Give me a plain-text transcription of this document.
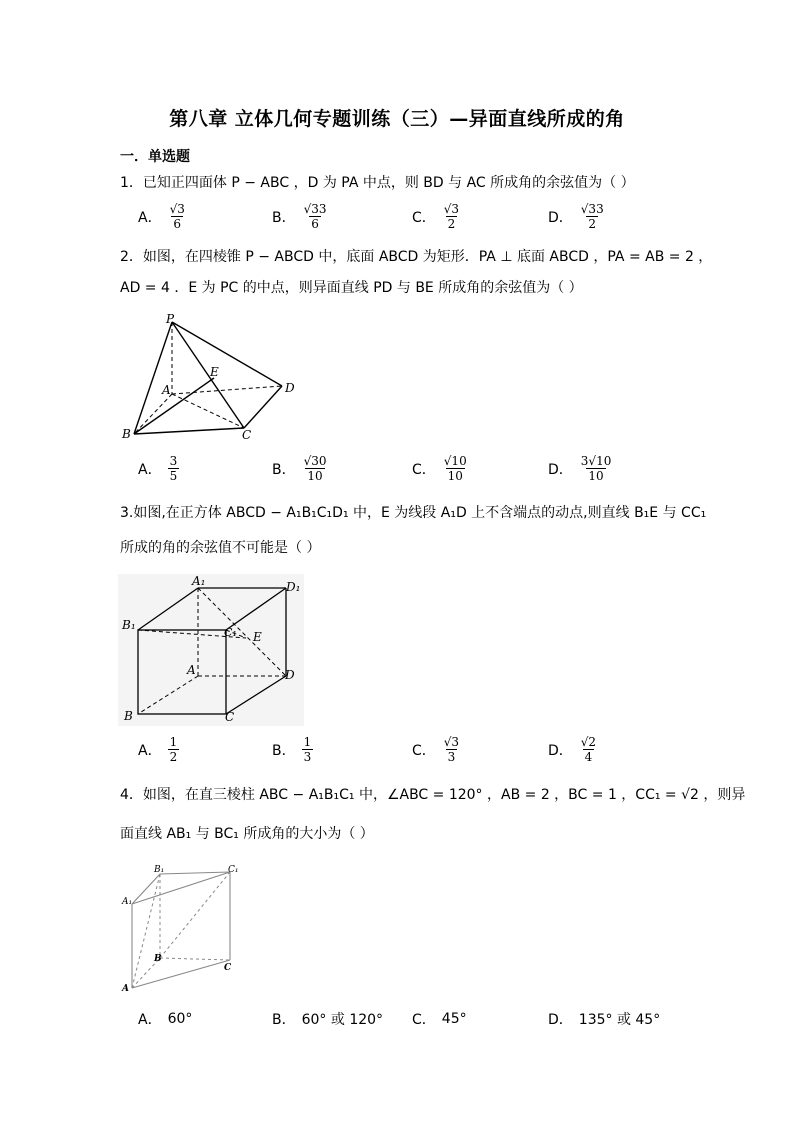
第八章 立体几何专题训练（三）—异面直线所成的角
一．单选题
1．已知正四面体 P − ABC ，D 为 PA 中点，则 BD 与 AC 所成角的余弦值为（ ）
A． $\frac{√3}{6}$	B． $\frac{√33}{6}$	C． $\frac{√3}{2}$	D． $\frac{√33}{2}$
2．如图，在四棱锥 P − ABCD 中，底面 ABCD 为矩形．PA ⊥ 底面 ABCD ，PA = AB = 2 ，
AD = 4 ．E 为 PC 的中点，则异面直线 PD 与 BE 所成角的余弦值为（ ）
P
A
E
D
B	C
A． $\frac{3}{5}$	B． $\frac{√30}{10}$	C． $\frac{√10}{10}$	D． $\frac{3√10}{10}$
3.如图,在正方体 ABCD − A₁B₁C₁D₁ 中，E 为线段 A₁D 上不含端点的动点,则直线 B₁E 与 CC₁
所成的角的余弦值不可能是（ ）
A₁	D₁
B₁
C₁ E
A	D
B	C
A． $\frac{1}{2}$	B． $\frac{1}{3}$	C． $\frac{√3}{3}$	D． $\frac{√2}{4}$
4．如图，在直三棱柱 ABC − A₁B₁C₁ 中，∠ABC = 120° ，AB = 2 ，BC = 1 ，CC₁ = √2 ，则异
面直线 AB₁ 与 BC₁ 所成角的大小为（ ）
B₁	C₁
A₁
B
C
A
A． 60°	B． 60° 或 120° C． 45°	D． 135° 或 45°
